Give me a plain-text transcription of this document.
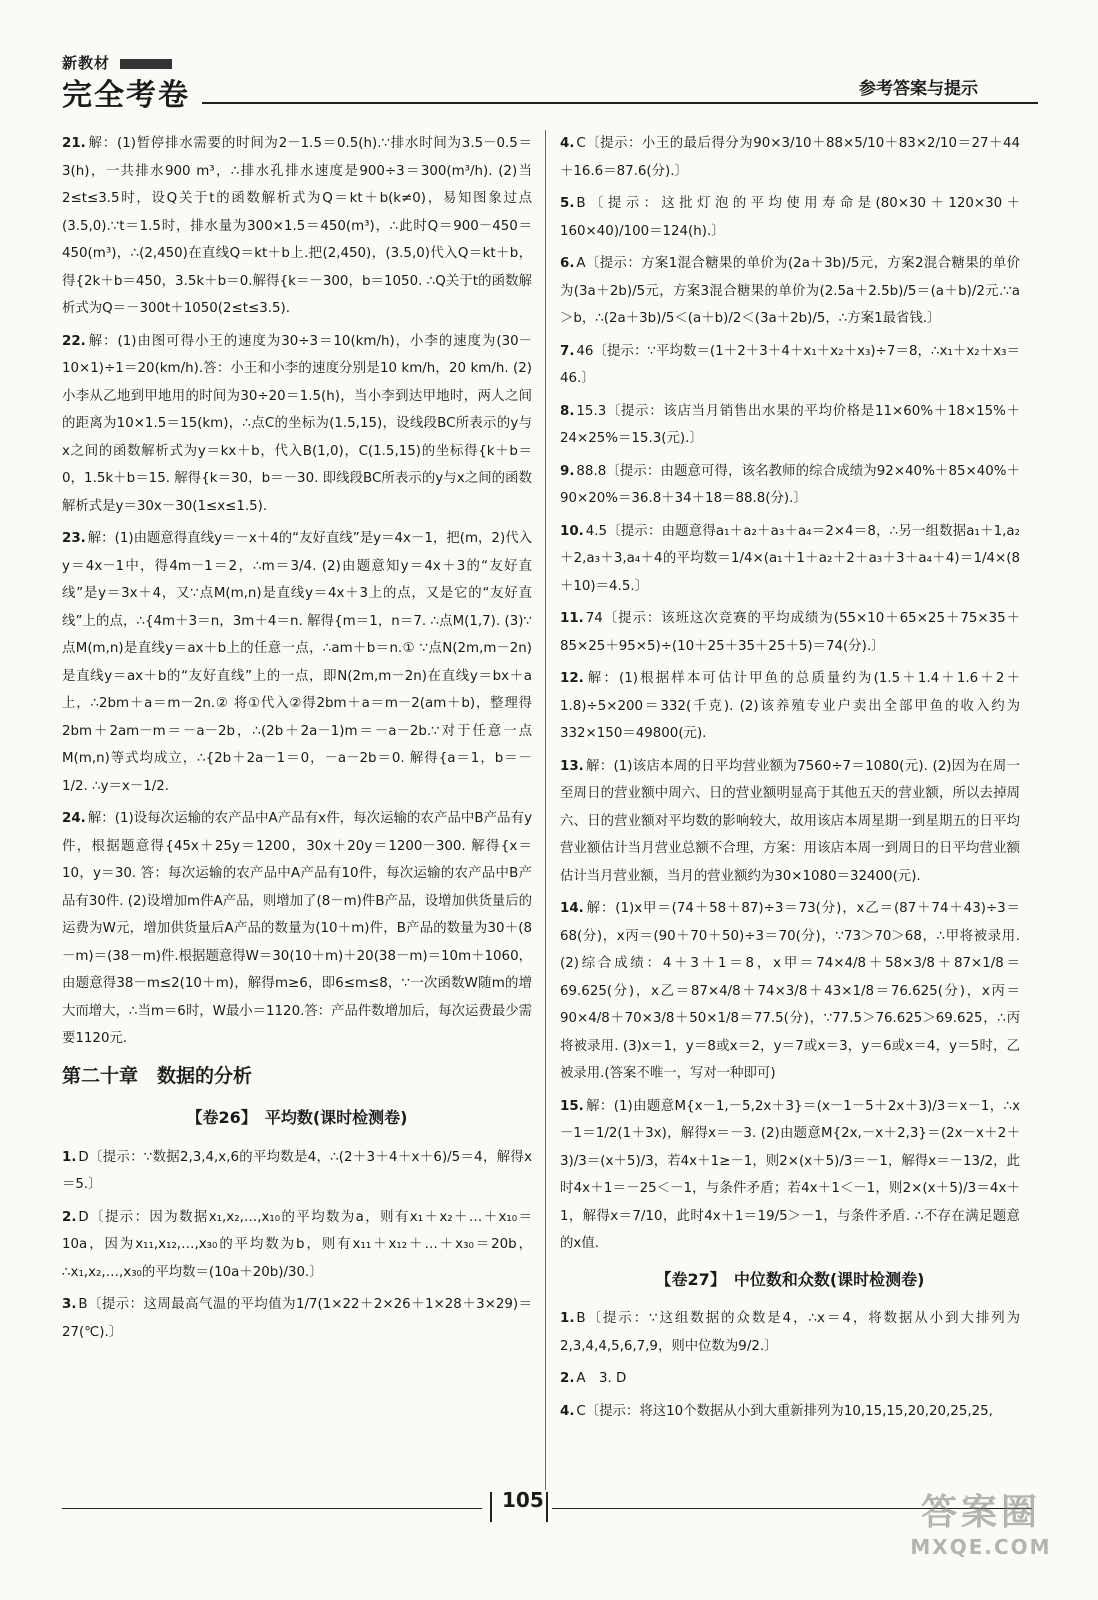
新教材
完全考卷	参考答案与提示

21. 解：(1)暂停排水需要的时间为2－1.5＝0.5(h).∵排水时间为3.5－0.5＝3(h)，一共排水900 m³，∴排水孔排水速度是900÷3＝300(m³/h). (2)当2≤t≤3.5时，设Q关于t的函数解析式为Q＝kt＋b(k≠0)，易知图象过点(3.5,0).∵t＝1.5时，排水量为300×1.5＝450(m³)，∴此时Q＝900－450＝450(m³)，∴(2,450)在直线Q＝kt＋b上.把(2,450)，(3.5,0)代入Q＝kt＋b，得{2k＋b＝450，3.5k＋b＝0.解得{k＝－300，b＝1050. ∴Q关于t的函数解析式为Q＝－300t＋1050(2≤t≤3.5).

22. 解：(1)由图可得小王的速度为30÷3＝10(km/h)，小李的速度为(30－10×1)÷1＝20(km/h).答：小王和小李的速度分别是10 km/h，20 km/h. (2)小李从乙地到甲地用的时间为30÷20＝1.5(h)，当小李到达甲地时，两人之间的距离为10×1.5＝15(km)，∴点C的坐标为(1.5,15)，设线段BC所表示的y与x之间的函数解析式为y＝kx＋b，代入B(1,0)，C(1.5,15)的坐标得{k＋b＝0，1.5k＋b＝15. 解得{k＝30，b＝－30. 即线段BC所表示的y与x之间的函数解析式是y＝30x－30(1≤x≤1.5).

23. 解：(1)由题意得直线y＝－x＋4的“友好直线”是y＝4x－1，把(m，2)代入y＝4x－1中，得4m－1＝2，∴m＝3/4. (2)由题意知y＝4x＋3的“友好直线”是y＝3x＋4，又∵点M(m,n)是直线y＝4x＋3上的点，又是它的“友好直线”上的点，∴{4m＋3＝n，3m＋4＝n. 解得{m＝1，n＝7. ∴点M(1,7). (3)∵点M(m,n)是直线y＝ax＋b上的任意一点，∴am＋b＝n.① ∵点N(2m,m－2n)是直线y＝ax＋b的“友好直线”上的一点，即N(2m,m－2n)在直线y＝bx＋a上，∴2bm＋a＝m－2n.② 将①代入②得2bm＋a＝m－2(am＋b)，整理得2bm＋2am－m＝－a－2b，∴(2b＋2a－1)m＝－a－2b.∵对于任意一点M(m,n)等式均成立，∴{2b＋2a－1＝0，－a－2b＝0. 解得{a＝1，b＝－1/2. ∴y＝x－1/2.

24. 解：(1)设每次运输的农产品中A产品有x件，每次运输的农产品中B产品有y件，根据题意得{45x＋25y＝1200，30x＋20y＝1200－300. 解得{x＝10，y＝30. 答：每次运输的农产品中A产品有10件，每次运输的农产品中B产品有30件. (2)设增加m件A产品，则增加了(8－m)件B产品，设增加供货量后的运费为W元，增加供货量后A产品的数量为(10＋m)件，B产品的数量为30＋(8－m)＝(38－m)件.根据题意得W＝30(10＋m)＋20(38－m)＝10m＋1060，由题意得38－m≤2(10＋m)，解得m≥6，即6≤m≤8，∵一次函数W随m的增大而增大，∴当m＝6时，W最小＝1120.答：产品件数增加后，每次运费最少需要1120元.

第二十章　数据的分析
【卷26】　平均数(课时检测卷)

1. D〔提示：∵数据2,3,4,x,6的平均数是4，∴(2＋3＋4＋x＋6)/5＝4，解得x＝5.〕

2. D〔提示：因为数据x₁,x₂,…,x₁₀的平均数为a，则有x₁＋x₂＋…＋x₁₀＝10a，因为x₁₁,x₁₂,…,x₃₀的平均数为b，则有x₁₁＋x₁₂＋…＋x₃₀＝20b，∴x₁,x₂,…,x₃₀的平均数＝(10a＋20b)/30.〕

3. B〔提示：这周最高气温的平均值为1/7(1×22＋2×26＋1×28＋3×29)＝27(℃).〕

4. C〔提示：小王的最后得分为90×3/10＋88×5/10＋83×2/10＝27＋44＋16.6＝87.6(分).〕

5. B〔提示：这批灯泡的平均使用寿命是(80×30＋120×30＋160×40)/100＝124(h).〕

6. A〔提示：方案1混合糖果的单价为(2a＋3b)/5元，方案2混合糖果的单价为(3a＋2b)/5元，方案3混合糖果的单价为(2.5a＋2.5b)/5＝(a＋b)/2元.∵a＞b，∴(2a＋3b)/5＜(a＋b)/2＜(3a＋2b)/5，∴方案1最省钱.〕

7. 46〔提示：∵平均数＝(1＋2＋3＋4＋x₁＋x₂＋x₃)÷7＝8，∴x₁＋x₂＋x₃＝46.〕

8. 15.3〔提示：该店当月销售出水果的平均价格是11×60%＋18×15%＋24×25%＝15.3(元).〕

9. 88.8〔提示：由题意可得，该名教师的综合成绩为92×40%＋85×40%＋90×20%＝36.8＋34＋18＝88.8(分).〕

10. 4.5〔提示：由题意得a₁＋a₂＋a₃＋a₄＝2×4＝8，∴另一组数据a₁＋1,a₂＋2,a₃＋3,a₄＋4的平均数＝1/4×(a₁＋1＋a₂＋2＋a₃＋3＋a₄＋4)＝1/4×(8＋10)＝4.5.〕

11. 74〔提示：该班这次竞赛的平均成绩为(55×10＋65×25＋75×35＋85×25＋95×5)÷(10＋25＋35＋25＋5)＝74(分).〕

12. 解：(1)根据样本可估计甲鱼的总质量约为(1.5＋1.4＋1.6＋2＋1.8)÷5×200＝332(千克). (2)该养殖专业户卖出全部甲鱼的收入约为332×150＝49800(元).

13. 解：(1)该店本周的日平均营业额为7560÷7＝1080(元). (2)因为在周一至周日的营业额中周六、日的营业额明显高于其他五天的营业额，所以去掉周六、日的营业额对平均数的影响较大，故用该店本周星期一到星期五的日平均营业额估计当月营业总额不合理，方案：用该店本周一到周日的日平均营业额估计当月营业额，当月的营业额约为30×1080＝32400(元).

14. 解：(1)x甲＝(74＋58＋87)÷3＝73(分)，x乙＝(87＋74＋43)÷3＝68(分)，x丙＝(90＋70＋50)÷3＝70(分)，∵73＞70＞68，∴甲将被录用. (2)综合成绩：4＋3＋1＝8，x甲＝74×4/8＋58×3/8＋87×1/8＝69.625(分)，x乙＝87×4/8＋74×3/8＋43×1/8＝76.625(分)，x丙＝90×4/8＋70×3/8＋50×1/8＝77.5(分)，∵77.5＞76.625＞69.625，∴丙将被录用. (3)x＝1，y＝8或x＝2，y＝7或x＝3，y＝6或x＝4，y＝5时，乙被录用.(答案不唯一，写对一种即可)

15. 解：(1)由题意M{x－1,－5,2x＋3}＝(x－1－5＋2x＋3)/3＝x－1，∴x－1＝1/2(1＋3x)，解得x＝－3. (2)由题意M{2x,－x＋2,3}＝(2x－x＋2＋3)/3＝(x＋5)/3，若4x＋1≥－1，则2×(x＋5)/3＝－1，解得x＝－13/2，此时4x＋1＝－25＜－1，与条件矛盾；若4x＋1＜－1，则2×(x＋5)/3＝4x＋1，解得x＝7/10，此时4x＋1＝19/5＞－1，与条件矛盾. ∴不存在满足题意的x值.

【卷27】　中位数和众数(课时检测卷)

1. B〔提示：∵这组数据的众数是4，∴x＝4，将数据从小到大排列为2,3,4,4,5,6,7,9，则中位数为9/2.〕

2. A　3. D

4. C〔提示：将这10个数据从小到大重新排列为10,15,15,20,20,25,25,

105	答案圈
MXQE.COM
